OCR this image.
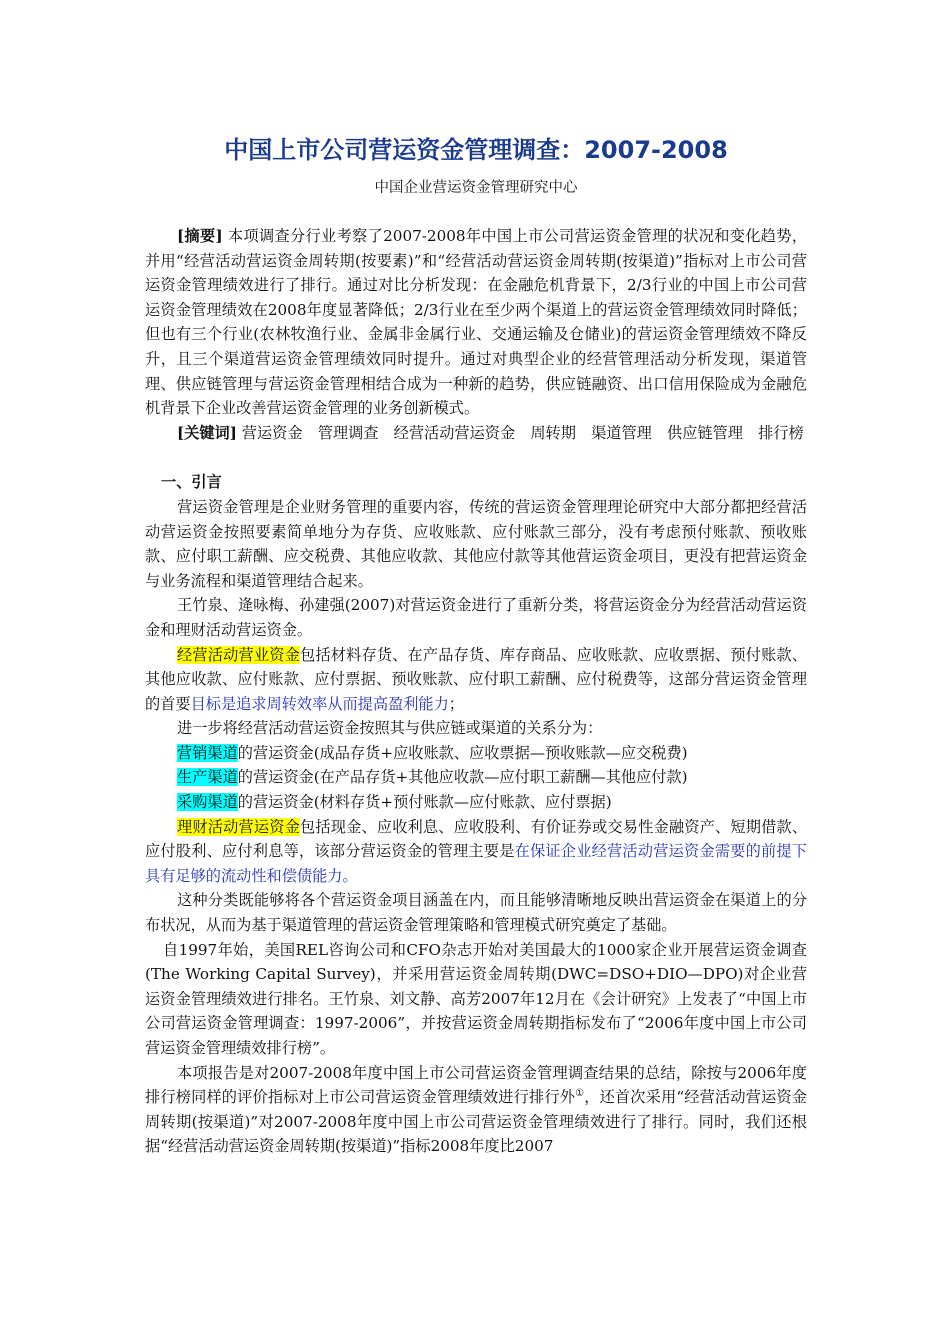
中国上市公司营运资金管理调查：2007-2008
中国企业营运资金管理研究中心

[摘要] 本项调查分行业考察了2007-2008年中国上市公司营运资金管理的状况和变化趋势，并用“经营活动营运资金周转期(按要素)”和“经营活动营运资金周转期(按渠道)”指标对上市公司营运资金管理绩效进行了排行。通过对比分析发现：在金融危机背景下，2/3行业的中国上市公司营运资金管理绩效在2008年度显著降低；2/3行业在至少两个渠道上的营运资金管理绩效同时降低；但也有三个行业(农林牧渔行业、金属非金属行业、交通运输及仓储业)的营运资金管理绩效不降反升，且三个渠道营运资金管理绩效同时提升。通过对典型企业的经营管理活动分析发现，渠道管理、供应链管理与营运资金管理相结合成为一种新的趋势，供应链融资、出口信用保险成为金融危机背景下企业改善营运资金管理的业务创新模式。

[关键词] 营运资金　管理调查　经营活动营运资金　周转期　渠道管理　供应链管理　排行榜

一、引言

营运资金管理是企业财务管理的重要内容，传统的营运资金管理理论研究中大部分都把经营活动营运资金按照要素简单地分为存货、应收账款、应付账款三部分，没有考虑预付账款、预收账款、应付职工薪酬、应交税费、其他应收款、其他应付款等其他营运资金项目，更没有把营运资金与业务流程和渠道管理结合起来。

王竹泉、逄咏梅、孙建强(2007)对营运资金进行了重新分类，将营运资金分为经营活动营运资金和理财活动营运资金。

经营活动营业资金包括材料存货、在产品存货、库存商品、应收账款、应收票据、预付账款、其他应收款、应付账款、应付票据、预收账款、应付职工薪酬、应付税费等，这部分营运资金管理的首要目标是追求周转效率从而提高盈利能力；

进一步将经营活动营运资金按照其与供应链或渠道的关系分为：

营销渠道的营运资金(成品存货+应收账款、应收票据—预收账款—应交税费)

生产渠道的营运资金(在产品存货+其他应收款—应付职工薪酬—其他应付款)

采购渠道的营运资金(材料存货+预付账款—应付账款、应付票据)

理财活动营运资金包括现金、应收利息、应收股利、有价证券或交易性金融资产、短期借款、应付股利、应付利息等，该部分营运资金的管理主要是在保证企业经营活动营运资金需要的前提下具有足够的流动性和偿债能力。

这种分类既能够将各个营运资金项目涵盖在内，而且能够清晰地反映出营运资金在渠道上的分布状况，从而为基于渠道管理的营运资金管理策略和管理模式研究奠定了基础。

自1997年始，美国REL咨询公司和CFO杂志开始对美国最大的1000家企业开展营运资金调查(The Working Capital Survey)，并采用营运资金周转期(DWC=DSO+DIO—DPO)对企业营运资金管理绩效进行排名。王竹泉、刘文静、高芳2007年12月在《会计研究》上发表了“中国上市公司营运资金管理调查：1997-2006”，并按营运资金周转期指标发布了“2006年度中国上市公司营运资金管理绩效排行榜”。

本项报告是对2007-2008年度中国上市公司营运资金管理调查结果的总结，除按与2006年度排行榜同样的评价指标对上市公司营运资金管理绩效进行排行外①，还首次采用“经营活动营运资金周转期(按渠道)”对2007-2008年度中国上市公司营运资金管理绩效进行了排行。同时，我们还根据“经营活动营运资金周转期(按渠道)”指标2008年度比2007
